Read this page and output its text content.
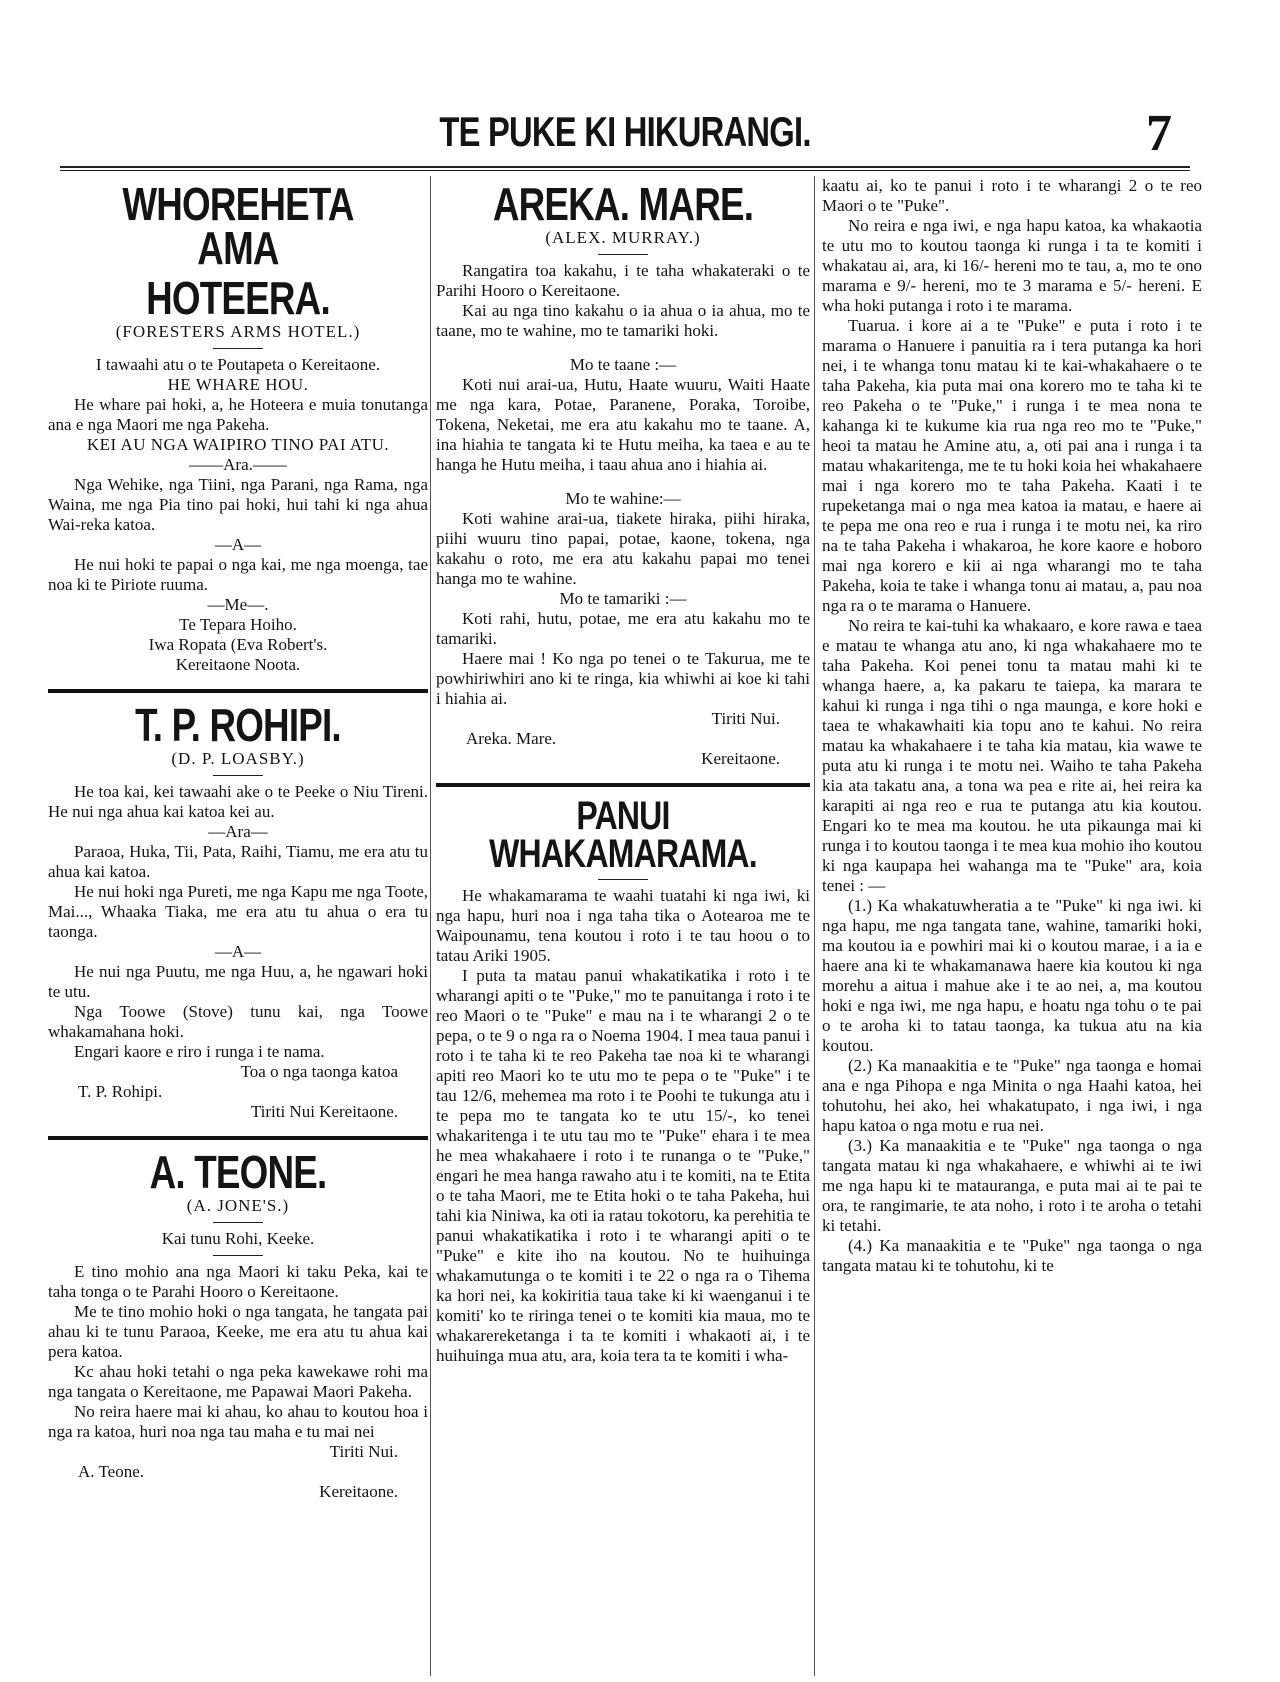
TE PUKE KI HIKURANGI.	7
WHOREHETA AMA
HOTEERA.
(FORESTERS ARMS HOTEL.)

I tawaahi atu o te Poutapeta o Kereitaone.

HE WHARE HOU.

He whare pai hoki, a, he Hoteera e muia tonutanga ana e nga Maori me nga Pakeha.

KEI AU NGA WAIPIRO TINO PAI ATU.

——Ara.——

Nga Wehike, nga Tiini, nga Parani, nga Rama, nga Waina, me nga Pia tino pai hoki, hui tahi ki nga ahua Wai-reka katoa.

—A—

He nui hoki te papai o nga kai, me nga moenga, tae noa ki te Piriote ruuma.

—Me—.

Te Tepara Hoiho.

Iwa Ropata (Eva Robert's.

Kereitaone Noota.

T. P. ROHIPI.
(D. P. LOASBY.)

He toa kai, kei tawaahi ake o te Peeke o Niu Tireni. He nui nga ahua kai katoa kei au.

—Ara—

Paraoa, Huka, Tii, Pata, Raihi, Tiamu, me era atu tu ahua kai katoa.

He nui hoki nga Pureti, me nga Kapu me nga Toote, Mai..., Whaaka Tiaka, me era atu tu ahua o era tu taonga.

—A—

He nui nga Puutu, me nga Huu, a, he ngawari hoki te utu.

Nga Toowe (Stove) tunu kai, nga Toowe whakamahana hoki.

Engari kaore e riro i runga i te nama.

Toa o nga taonga katoa

T. P. Rohipi.

Tiriti Nui Kereitaone.

A. TEONE.
(A. JONE'S.)

Kai tunu Rohi, Keeke.

E tino mohio ana nga Maori ki taku Peka, kai te taha tonga o te Parahi Hooro o Kereitaone.

Me te tino mohio hoki o nga tangata, he tangata pai ahau ki te tunu Paraoa, Keeke, me era atu tu ahua kai pera katoa.

Kc ahau hoki tetahi o nga peka kawekawe rohi ma nga tangata o Kereitaone, me Papawai Maori Pakeha.

No reira haere mai ki ahau, ko ahau to koutou hoa i nga ra katoa, huri noa nga tau maha e tu mai nei

Tiriti Nui.

A. Teone.

Kereitaone.

AREKA. MARE.
(ALEX. MURRAY.)

Rangatira toa kakahu, i te taha whakateraki o te Parihi Hooro o Kereitaone.

Kai au nga tino kakahu o ia ahua o ia ahua, mo te taane, mo te wahine, mo te tamariki hoki.

Mo te taane :—

Koti nui arai-ua, Hutu, Haate wuuru, Waiti Haate me nga kara, Potae, Paranene, Poraka, Toroibe, Tokena, Neketai, me era atu kakahu mo te taane. A, ina hiahia te tangata ki te Hutu meiha, ka taea e au te hanga he Hutu meiha, i taau ahua ano i hiahia ai.

Mo te wahine:—

Koti wahine arai-ua, tiakete hiraka, piihi hiraka, piihi wuuru tino papai, potae, kaone, tokena, nga kakahu o roto, me era atu kakahu papai mo tenei hanga mo te wahine.

Mo te tamariki :—

Koti rahi, hutu, potae, me era atu kakahu mo te tamariki.

Haere mai ! Ko nga po tenei o te Takurua, me te powhiriwhiri ano ki te ringa, kia whiwhi ai koe ki tahi i hiahia ai.

Tiriti Nui.

Areka. Mare.

Kereitaone.

PANUI WHAKAMARAMA.

He whakamarama te waahi tuatahi ki nga iwi, ki nga hapu, huri noa i nga taha tika o Aotearoa me te Waipounamu, tena koutou i roto i te tau hoou o to tatau Ariki 1905.

I puta ta matau panui whakatikatika i roto i te wharangi apiti o te "Puke," mo te panuitanga i roto i te reo Maori o te "Puke" e mau na i te wharangi 2 o te pepa, o te 9 o nga ra o Noema 1904. I mea taua panui i roto i te taha ki te reo Pakeha tae noa ki te wharangi apiti reo Maori ko te utu mo te pepa o te "Puke" i te tau 12/6, mehemea ma roto i te Poohi te tukunga atu i te pepa mo te tangata ko te utu 15/-, ko tenei whakaritenga i te utu tau mo te "Puke" ehara i te mea he mea whakahaere i roto i te runanga o te "Puke," engari he mea hanga rawaho atu i te komiti, na te Etita o te taha Maori, me te Etita hoki o te taha Pakeha, hui tahi kia Niniwa, ka oti ia ratau tokotoru, ka perehitia te panui whakatikatika i roto i te wharangi apiti o te "Puke" e kite iho na koutou. No te huihuinga whakamutunga o te komiti i te 22 o nga ra o Tihema ka hori nei, ka kokiritia taua take ki ki waenganui i te komiti' ko te riringa tenei o te komiti kia maua, mo te whakarereketanga i ta te komiti i whakaoti ai, i te huihuinga mua atu, ara, koia tera ta te komiti i wha-

kaatu ai, ko te panui i roto i te wharangi 2 o te reo Maori o te "Puke".

No reira e nga iwi, e nga hapu katoa, ka whakaotia te utu mo to koutou taonga ki runga i ta te komiti i whakatau ai, ara, ki 16/- hereni mo te tau, a, mo te ono marama e 9/- hereni, mo te 3 marama e 5/- hereni. E wha hoki putanga i roto i te marama.

Tuarua. i kore ai a te "Puke" e puta i roto i te marama o Hanuere i panuitia ra i tera putanga ka hori nei, i te whanga tonu matau ki te kai-whakahaere o te taha Pakeha, kia puta mai ona korero mo te taha ki te reo Pakeha o te "Puke," i runga i te mea nona te kahanga ki te kukume kia rua nga reo mo te "Puke," heoi ta matau he Amine atu, a, oti pai ana i runga i ta matau whakaritenga, me te tu hoki koia hei whakahaere mai i nga korero mo te taha Pakeha. Kaati i te rupeketanga mai o nga mea katoa ia matau, e haere ai te pepa me ona reo e rua i runga i te motu nei, ka riro na te taha Pakeha i whakaroa, he kore kaore e hoboro mai nga korero e kii ai nga wharangi mo te taha Pakeha, koia te take i whanga tonu ai matau, a, pau noa nga ra o te marama o Hanuere.

No reira te kai-tuhi ka whakaaro, e kore rawa e taea e matau te whanga atu ano, ki nga whakahaere mo te taha Pakeha. Koi penei tonu ta matau mahi ki te whanga haere, a, ka pakaru te taiepa, ka marara te kahui ki runga i nga tihi o nga maunga, e kore hoki e taea te whakawhaiti kia topu ano te kahui. No reira matau ka whakahaere i te taha kia matau, kia wawe te puta atu ki runga i te motu nei. Waiho te taha Pakeha kia ata takatu ana, a tona wa pea e rite ai, hei reira ka karapiti ai nga reo e rua te putanga atu kia koutou. Engari ko te mea ma koutou. he uta pikaunga mai ki runga i to koutou taonga i te mea kua mohio iho koutou ki nga kaupapa hei wahanga ma te "Puke" ara, koia tenei : —

(1.) Ka whakatuwheratia a te "Puke" ki nga iwi. ki nga hapu, me nga tangata tane, wahine, tamariki hoki, ma koutou ia e powhiri mai ki o koutou marae, i a ia e haere ana ki te whakamanawa haere kia koutou ki nga morehu a aitua i mahue ake i te ao nei, a, ma koutou hoki e nga iwi, me nga hapu, e hoatu nga tohu o te pai o te aroha ki to tatau taonga, ka tukua atu na kia koutou.

(2.) Ka manaakitia e te "Puke" nga taonga e homai ana e nga Pihopa e nga Minita o nga Haahi katoa, hei tohutohu, hei ako, hei whakatupato, i nga iwi, i nga hapu katoa o nga motu e rua nei.

(3.) Ka manaakitia e te "Puke" nga taonga o nga tangata matau ki nga whakahaere, e whiwhi ai te iwi me nga hapu ki te matauranga, e puta mai ai te pai te ora, te rangimarie, te ata noho, i roto i te aroha o tetahi ki tetahi.

(4.) Ka manaakitia e te "Puke" nga taonga o nga tangata matau ki te tohutohu, ki te
